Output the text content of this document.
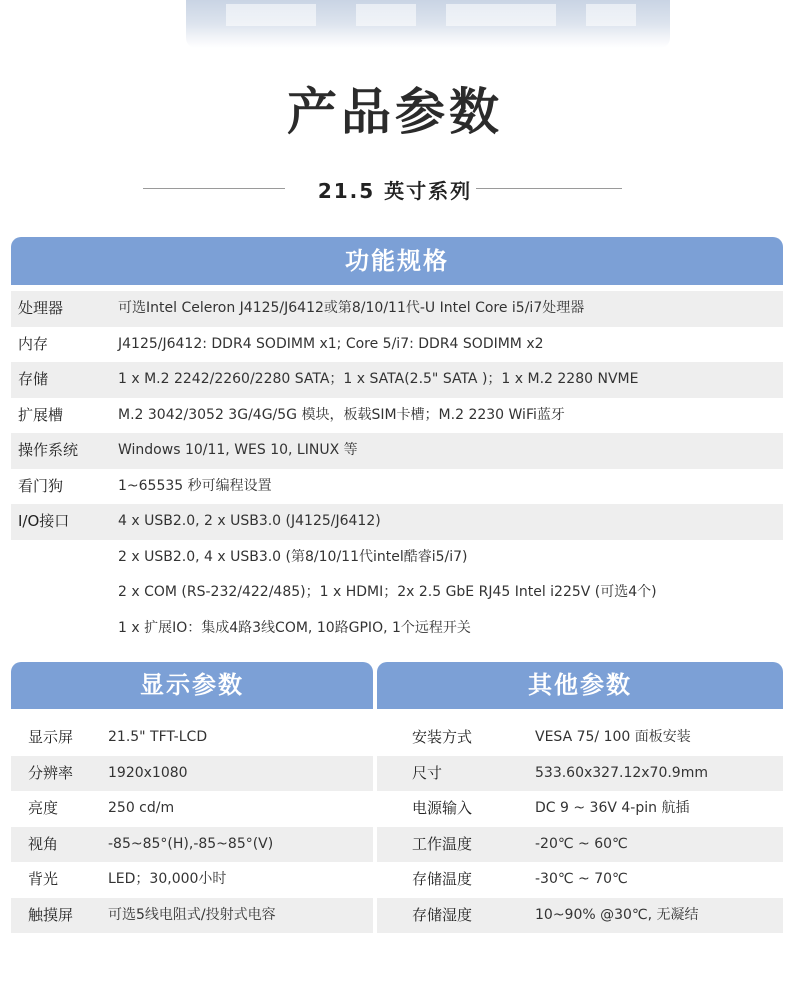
产品参数
21.5 英寸系列
功能规格
处理器	可选Intel Celeron J4125/J6412或第8/10/11代-U Intel Core i5/i7处理器
内存	J4125/J6412: DDR4 SODIMM x1; Core 5/i7: DDR4 SODIMM x2
存储	1 x M.2 2242/2260/2280 SATA；1 x SATA(2.5" SATA )；1 x M.2 2280 NVME
扩展槽	M.2 3042/3052 3G/4G/5G 模块，板载SIM卡槽；M.2 2230 WiFi蓝牙
操作系统	Windows 10/11, WES 10, LINUX 等
看门狗	1~65535 秒可编程设置
I/O接口	4 x USB2.0, 2 x USB3.0 (J4125/J6412)
2 x USB2.0, 4 x USB3.0 (第8/10/11代intel酷睿i5/i7)
2 x COM (RS-232/422/485)；1 x HDMI；2x 2.5 GbE RJ45 Intel i225V (可选4个)
1 x 扩展IO：集成4路3线COM, 10路GPIO, 1个远程开关
显示参数	其他参数
显示屏 21.5" TFT-LCD
分辨率 1920x1080
亮度	250 cd/m
视角	-85~85°(H),-85~85°(V)
背光	LED；30,000小时
触摸屏 可选5线电阻式/投射式电容
安装方式	VESA 75/ 100 面板安装
尺寸	533.60x327.12x70.9mm
电源输入	DC 9 ~ 36V 4-pin 航插
工作温度	-20℃ ~ 60℃
存储温度	-30℃ ~ 70℃
存储湿度	10~90% @30℃, 无凝结
